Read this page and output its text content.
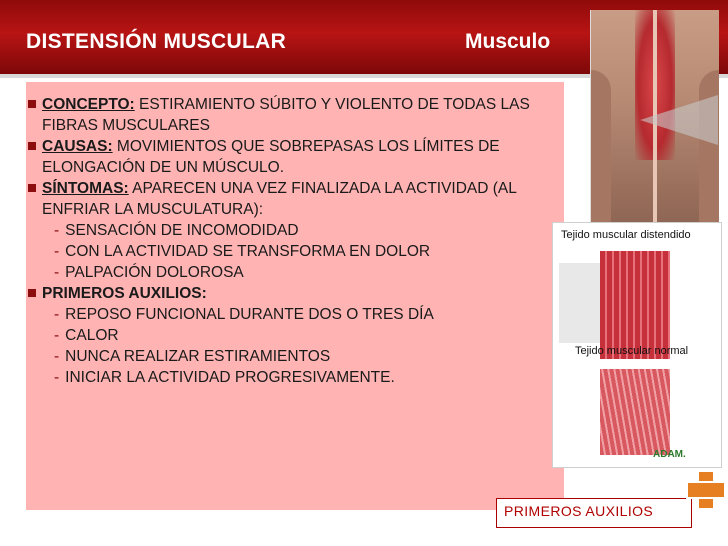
DISTENSIÓN MUSCULAR	Musculo
CONCEPTO: ESTIRAMIENTO SÚBITO Y VIOLENTO DE TODAS LAS FIBRAS MUSCULARES
CAUSAS: MOVIMIENTOS QUE SOBREPASAS LOS LÍMITES DE ELONGACIÓN DE UN MÚSCULO.
SÍNTOMAS: APARECEN UNA VEZ FINALIZADA LA ACTIVIDAD (AL ENFRIAR LA MUSCULATURA):
- SENSACIÓN DE INCOMODIDAD
- CON LA ACTIVIDAD SE TRANSFORMA EN DOLOR
- PALPACIÓN DOLOROSA
PRIMEROS AUXILIOS:
- REPOSO FUNCIONAL DURANTE DOS O TRES DÍA
- CALOR
- NUNCA REALIZAR ESTIRAMIENTOS
- INICIAR LA ACTIVIDAD PROGRESIVAMENTE.
Tejido muscular distendido
Tejido muscular normal
ADAM.
PRIMEROS AUXILIOS
